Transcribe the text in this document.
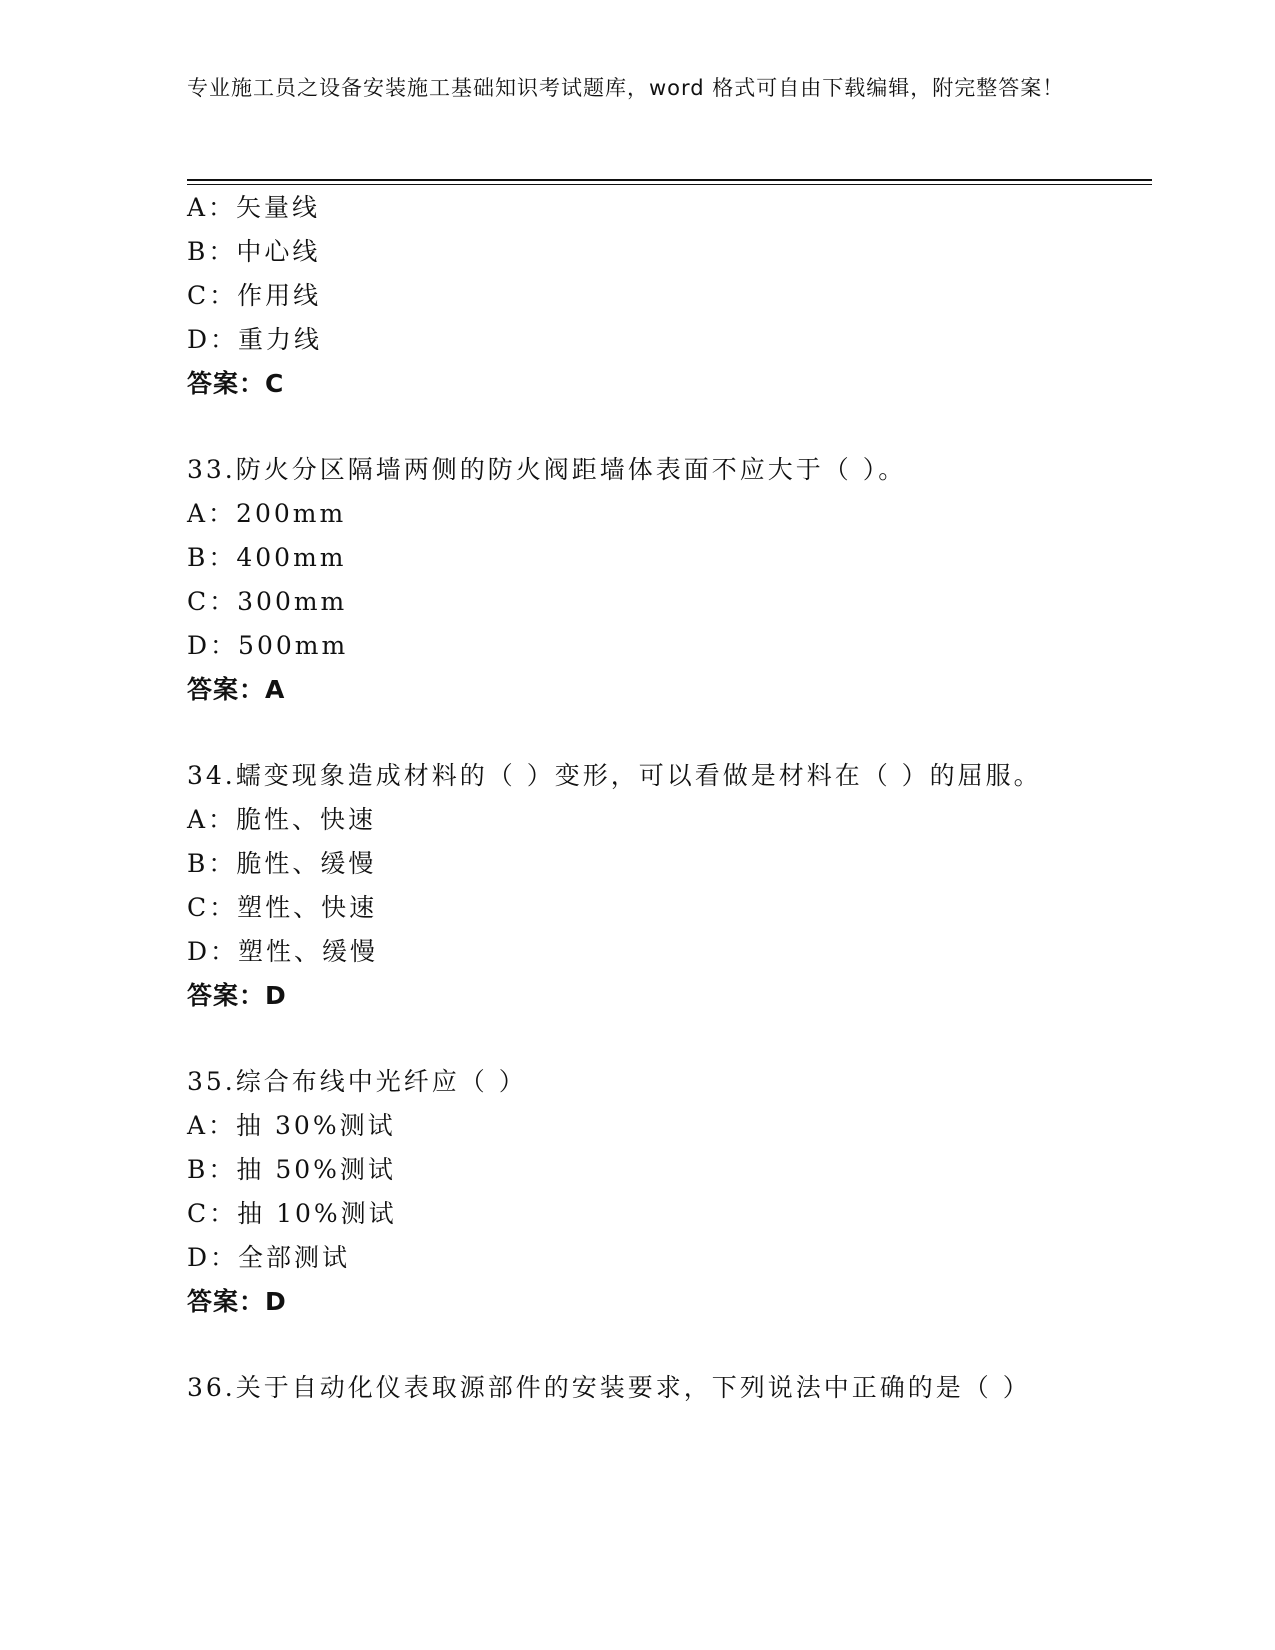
专业施工员之设备安装施工基础知识考试题库，word 格式可自由下载编辑，附完整答案！
A：矢量线
B：中心线
C：作用线
D：重力线
答案：C
33.防火分区隔墙两侧的防火阀距墙体表面不应大于（ ）。
A：200mm
B：400mm
C：300mm
D：500mm
答案：A
34.蠕变现象造成材料的（ ）变形，可以看做是材料在（ ）的屈服。
A：脆性、快速
B：脆性、缓慢
C：塑性、快速
D：塑性、缓慢
答案：D
35.综合布线中光纤应（ ）
A：抽 30%测试
B：抽 50%测试
C：抽 10%测试
D：全部测试
答案：D
36.关于自动化仪表取源部件的安装要求，下列说法中正确的是（ ）
